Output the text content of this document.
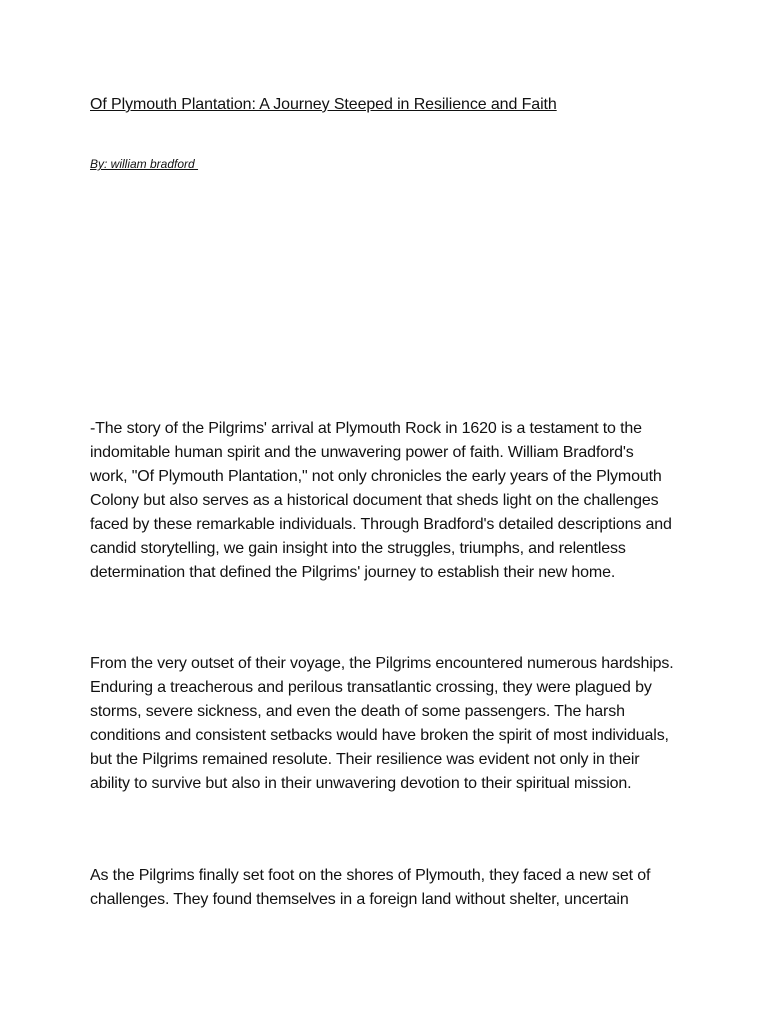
Of Plymouth Plantation: A Journey Steeped in Resilience and Faith
By: william bradford

-The story of the Pilgrims' arrival at Plymouth Rock in 1620 is a testament to the indomitable human spirit and the unwavering power of faith. William Bradford's work, "Of Plymouth Plantation," not only chronicles the early years of the Plymouth Colony but also serves as a historical document that sheds light on the challenges faced by these remarkable individuals. Through Bradford's detailed descriptions and candid storytelling, we gain insight into the struggles, triumphs, and relentless determination that defined the Pilgrims' journey to establish their new home.

From the very outset of their voyage, the Pilgrims encountered numerous hardships. Enduring a treacherous and perilous transatlantic crossing, they were plagued by storms, severe sickness, and even the death of some passengers. The harsh conditions and consistent setbacks would have broken the spirit of most individuals, but the Pilgrims remained resolute. Their resilience was evident not only in their ability to survive but also in their unwavering devotion to their spiritual mission.

As the Pilgrims finally set foot on the shores of Plymouth, they faced a new set of challenges. They found themselves in a foreign land without shelter, uncertain
